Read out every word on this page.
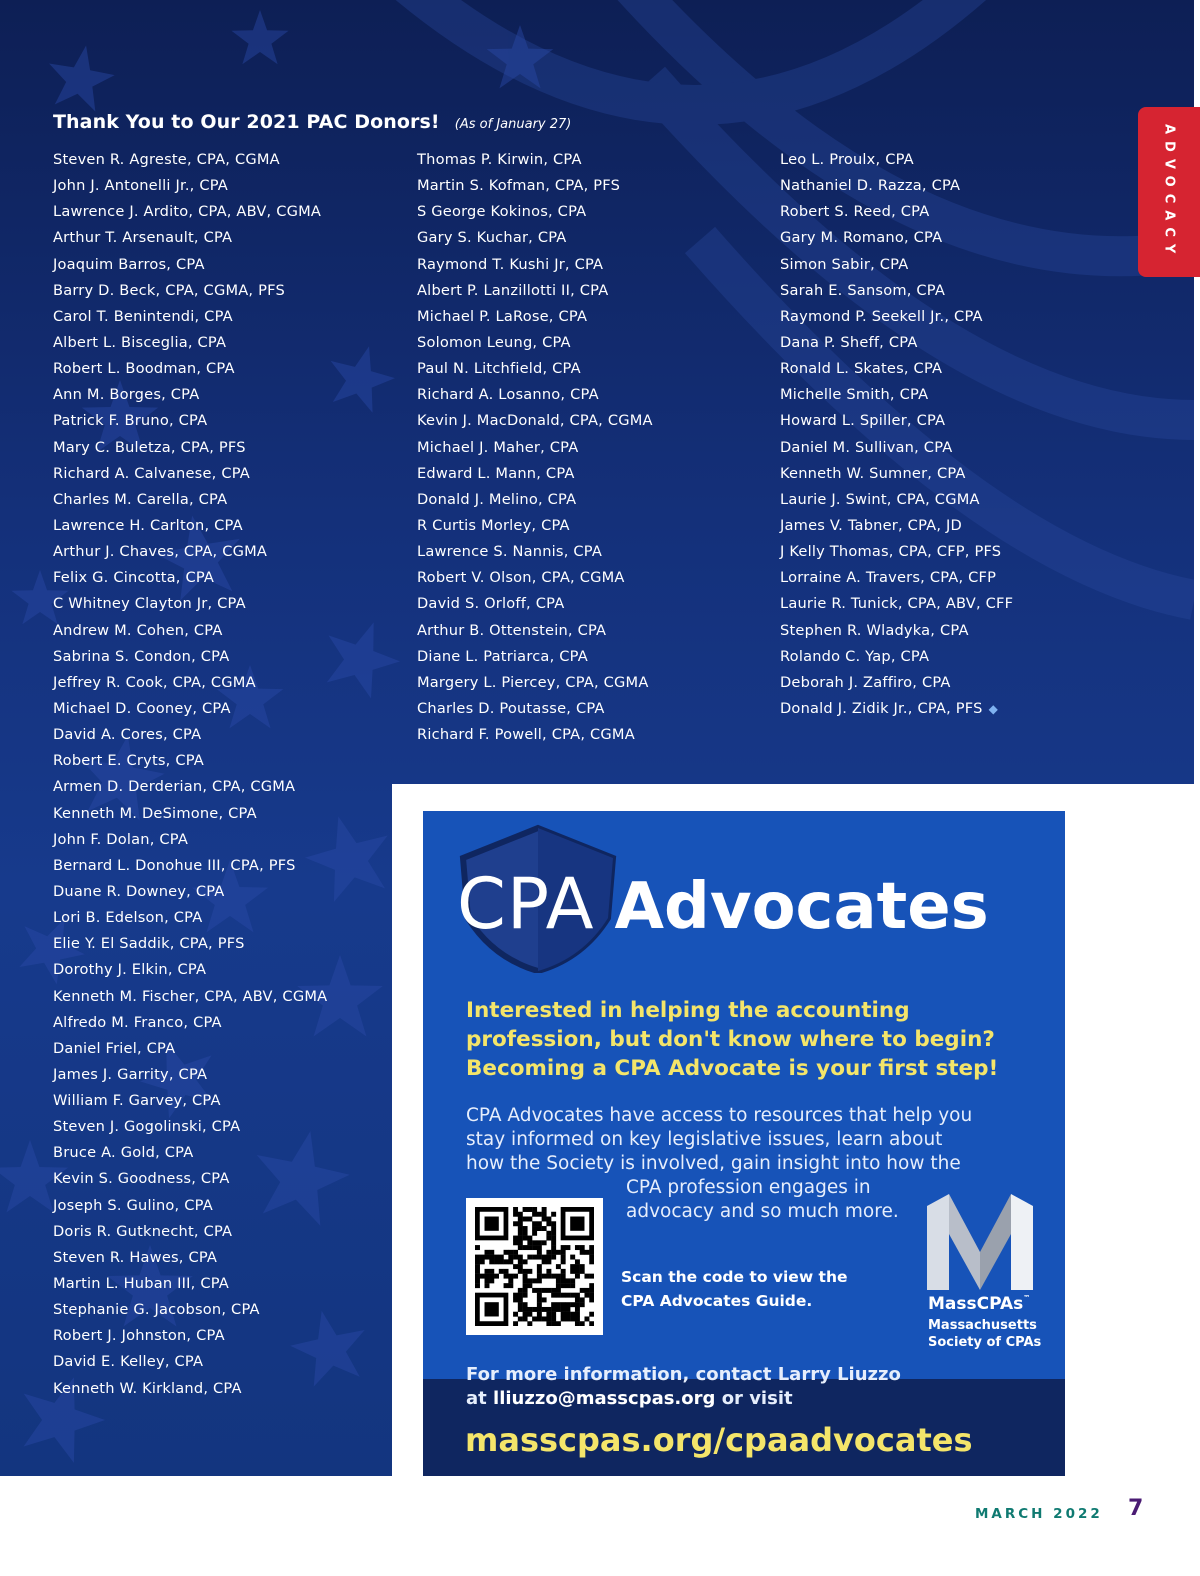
Thank You to Our 2021 PAC Donors! (As of January 27)	ADVOCACY
Steven R. Agreste, CPA, CGMA
John J. Antonelli Jr., CPA
Lawrence J. Ardito, CPA, ABV, CGMA
Arthur T. Arsenault, CPA
Joaquim Barros, CPA
Barry D. Beck, CPA, CGMA, PFS
Carol T. Benintendi, CPA
Albert L. Bisceglia, CPA
Robert L. Boodman, CPA
Ann M. Borges, CPA
Patrick F. Bruno, CPA
Mary C. Buletza, CPA, PFS
Richard A. Calvanese, CPA
Charles M. Carella, CPA
Lawrence H. Carlton, CPA
Arthur J. Chaves, CPA, CGMA
Felix G. Cincotta, CPA
C Whitney Clayton Jr, CPA
Andrew M. Cohen, CPA
Sabrina S. Condon, CPA
Jeffrey R. Cook, CPA, CGMA
Michael D. Cooney, CPA
David A. Cores, CPA
Robert E. Cryts, CPA
Armen D. Derderian, CPA, CGMA
Kenneth M. DeSimone, CPA
John F. Dolan, CPA
Bernard L. Donohue III, CPA, PFS
Duane R. Downey, CPA
Lori B. Edelson, CPA
Elie Y. El Saddik, CPA, PFS
Dorothy J. Elkin, CPA
Kenneth M. Fischer, CPA, ABV, CGMA
Alfredo M. Franco, CPA
Daniel Friel, CPA
James J. Garrity, CPA
William F. Garvey, CPA
Steven J. Gogolinski, CPA
Bruce A. Gold, CPA
Kevin S. Goodness, CPA
Joseph S. Gulino, CPA
Doris R. Gutknecht, CPA
Steven R. Hawes, CPA
Martin L. Huban III, CPA
Stephanie G. Jacobson, CPA
Robert J. Johnston, CPA
David E. Kelley, CPA
Kenneth W. Kirkland, CPA
Thomas P. Kirwin, CPA
Martin S. Kofman, CPA, PFS
S George Kokinos, CPA
Gary S. Kuchar, CPA
Raymond T. Kushi Jr, CPA
Albert P. Lanzillotti II, CPA
Michael P. LaRose, CPA
Solomon Leung, CPA
Paul N. Litchfield, CPA
Richard A. Losanno, CPA
Kevin J. MacDonald, CPA, CGMA
Michael J. Maher, CPA
Edward L. Mann, CPA
Donald J. Melino, CPA
R Curtis Morley, CPA
Lawrence S. Nannis, CPA
Robert V. Olson, CPA, CGMA
David S. Orloff, CPA
Arthur B. Ottenstein, CPA
Diane L. Patriarca, CPA
Margery L. Piercey, CPA, CGMA
Charles D. Poutasse, CPA
Richard F. Powell, CPA, CGMA
Leo L. Proulx, CPA
Nathaniel D. Razza, CPA
Robert S. Reed, CPA
Gary M. Romano, CPA
Simon Sabir, CPA
Sarah E. Sansom, CPA
Raymond P. Seekell Jr., CPA
Dana P. Sheff, CPA
Ronald L. Skates, CPA
Michelle Smith, CPA
Howard L. Spiller, CPA
Daniel M. Sullivan, CPA
Kenneth W. Sumner, CPA
Laurie J. Swint, CPA, CGMA
James V. Tabner, CPA, JD
J Kelly Thomas, CPA, CFP, PFS
Lorraine A. Travers, CPA, CFP
Laurie R. Tunick, CPA, ABV, CFF
Stephen R. Wladyka, CPA
Rolando C. Yap, CPA
Deborah J. Zaffiro, CPA
Donald J. Zidik Jr., CPA, PFS ◆
CPA Advocates
Interested in helping the accounting profession, but don't know where to begin? Becoming a CPA Advocate is your first step!
CPA Advocates have access to resources that help you stay informed on key legislative issues, learn about how the Society is involved, gain insight into how the
CPA profession engages in advocacy and so much more.
Scan the code to view the CPA Advocates Guide.	MassCPAs™
Massachusetts
Society of CPAs
For more information, contact Larry Liuzzo
at lliuzzo@masscpas.org or visit
masscpas.org/cpaadvocates
MARCH 2022 7
